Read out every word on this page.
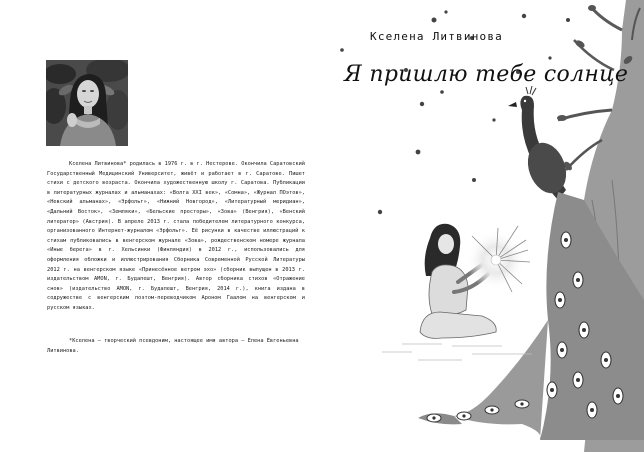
Кселена Литвинова* родилась в 1976 г. в г. Нестерове. Окончила Саратовский Государственный Медицинский Университет, живёт и работает в г. Саратове. Пишет стихи с детского возраста. Окончила художественную школу г. Саратова. Публикации в литературных журналах и альманахах: «Волга XXI век», «Сомна», «Журнал ПОэтов», «Невский альманах», «Эрфольг», «Нижний Новгород», «Литературный меридиан», «Дальний Восток», «Земляки», «Бельские просторы», «Зова» (Венгрия), «Венский литератор» (Австрия). В апреле 2013 г. стала победителем литературного конкурса, организованного Интернет-журналом «Эрфольг». Её рисунки в качестве иллюстраций к стихам публиковались в венгерском журнале «Зова», рождественском номере журнала «Иные берега» в г. Хельсинки (Финляндия) в 2012 г., использовались для оформления обложки и иллюстрирования Сборника Современной Русской Литературы 2012 г. на венгерском языке «Принесённое ветром эхо» (сборник выпущен в 2013 г. издательством AMON, г. Будапешт, Венгрия). Автор сборника стихов «Отражение снов» (издательство AMON, г. Будапешт, Венгрия, 2014 г.), книга издана в содружестве с венгерским поэтом-переводчиком Ароном Гаалом на венгерском и русском языках.

*Кселена – творческий псевдоним, настоящее имя автора – Елена Евгеньевна Литвинова.

Кселена Литвинова

Я пришлю тебе солнце
